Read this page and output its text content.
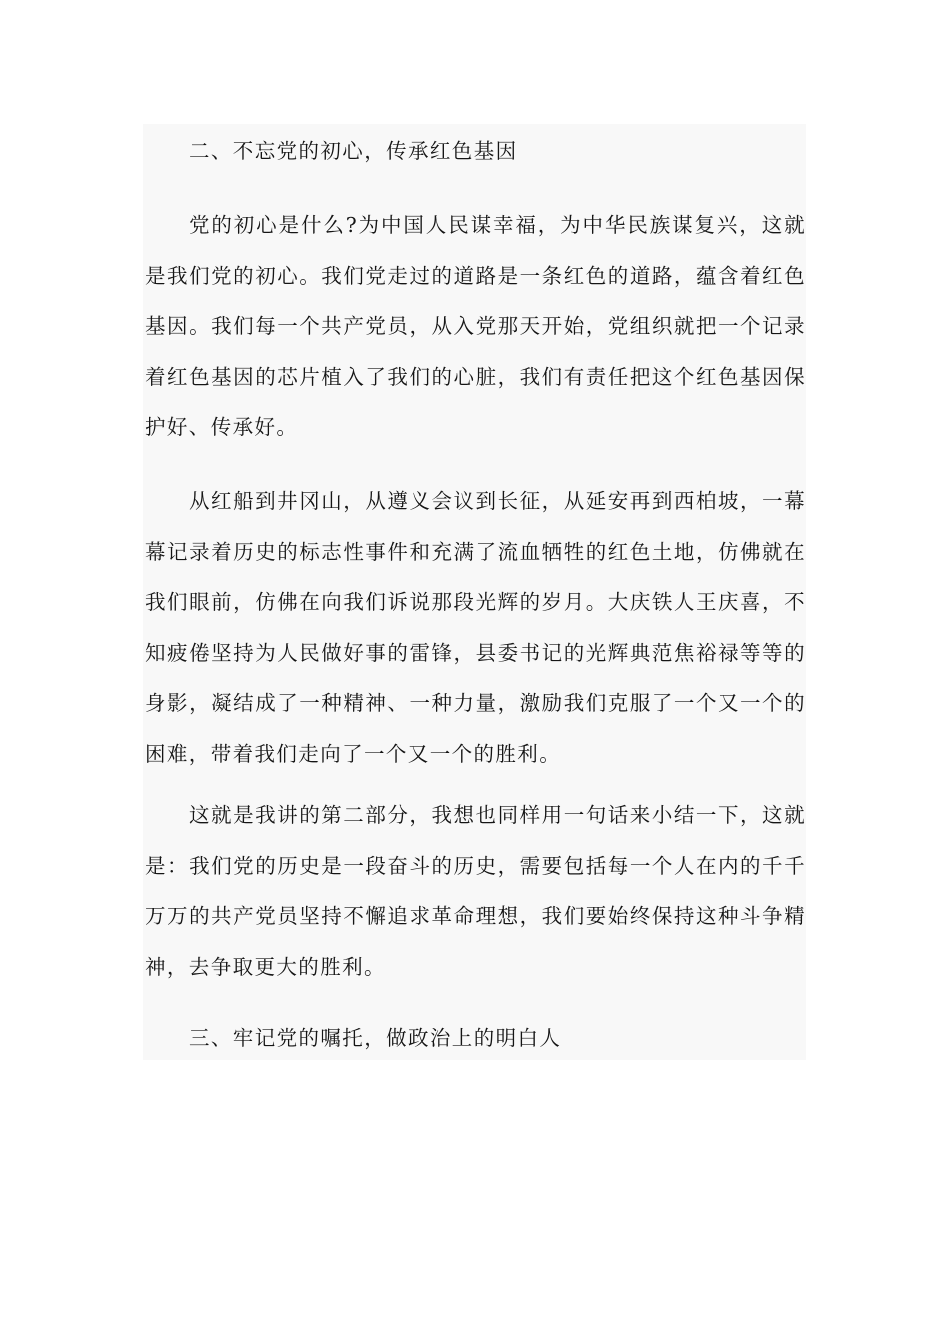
二、不忘党的初心，传承红色基因

党的初心是什么?为中国人民谋幸福，为中华民族谋复兴，这就是我们党的初心。我们党走过的道路是一条红色的道路，蕴含着红色基因。我们每一个共产党员，从入党那天开始，党组织就把一个记录着红色基因的芯片植入了我们的心脏，我们有责任把这个红色基因保护好、传承好。

从红船到井冈山，从遵义会议到长征，从延安再到西柏坡，一幕幕记录着历史的标志性事件和充满了流血牺牲的红色土地，仿佛就在我们眼前，仿佛在向我们诉说那段光辉的岁月。大庆铁人王庆喜，不知疲倦坚持为人民做好事的雷锋，县委书记的光辉典范焦裕禄等等的身影，凝结成了一种精神、一种力量，激励我们克服了一个又一个的困难，带着我们走向了一个又一个的胜利。

这就是我讲的第二部分，我想也同样用一句话来小结一下，这就是：我们党的历史是一段奋斗的历史，需要包括每一个人在内的千千万万的共产党员坚持不懈追求革命理想，我们要始终保持这种斗争精神，去争取更大的胜利。

三、牢记党的嘱托，做政治上的明白人
